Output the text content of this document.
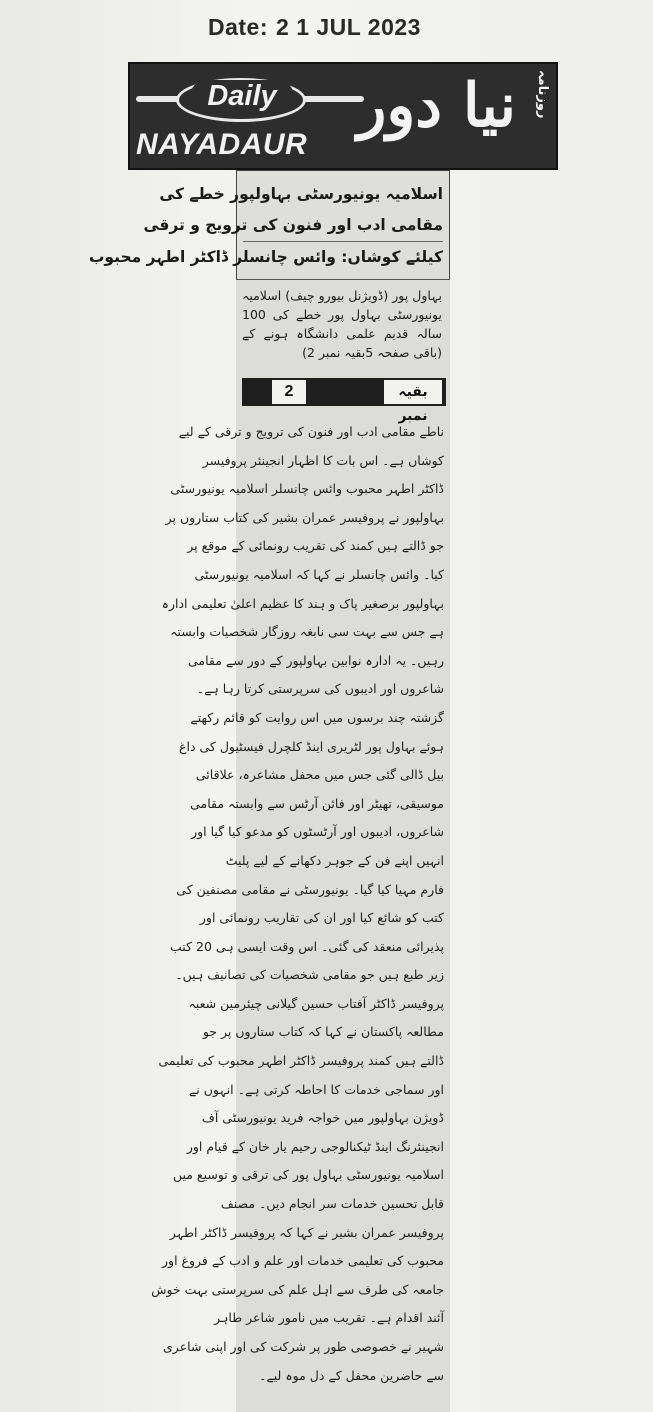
Date: 2 1 JUL 2023
Daily
NAYADAUR
نیا دور	روزنامہ
اسلامیہ یونیورسٹی بہاولپور خطے کی
مقامی ادب اور فنون کی ترویج و ترقی
کیلئے کوشاں: وائس چانسلر ڈاکٹر اطہر محبوب
بہاول پور (ڈویژنل بیورو چیف) اسلامیہ یونیورسٹی بہاول پور خطے کی 100 سالہ قدیم علمی دانشگاہ ہونے کے (باقی صفحہ 5بقیہ نمبر 2)
بقیہ نمبر
2
ناطے مقامی ادب اور فنون کی ترویج و ترقی کے لیے
کوشاں ہے۔ اس بات کا اظہار انجینئر پروفیسر
ڈاکٹر اطہر محبوب وائس چانسلر اسلامیہ یونیورسٹی
بہاولپور نے پروفیسر عمران بشیر کی کتاب ستاروں پر
جو ڈالتے ہیں کمند کی تقریب رونمائی کے موقع پر
کیا۔ وائس چانسلر نے کہا کہ اسلامیہ یونیورسٹی
بہاولپور برصغیر پاک و ہند کا عظیم اعلیٰ تعلیمی ادارہ
ہے جس سے بہت سی نابغہ روزگار شخصیات وابستہ
رہیں۔ یہ ادارہ نوابین بہاولپور کے دور سے مقامی
شاعروں اور ادیبوں کی سرپرستی کرتا رہا ہے۔
گزشتہ چند برسوں میں اس روایت کو قائم رکھتے
ہوئے بہاول پور لٹریری اینڈ کلچرل فیسٹیول کی داغ
بیل ڈالی گئی جس میں محفل مشاعرہ، علاقائی
موسیقی، تھیٹر اور فائن آرٹس سے وابستہ مقامی
شاعروں، ادیبوں اور آرٹسٹوں کو مدعو کیا گیا اور
انہیں اپنے فن کے جوہر دکھانے کے لیے پلیٹ
فارم مہیا کیا گیا۔ یونیورسٹی نے مقامی مصنفین کی
کتب کو شائع کیا اور ان کی تقاریب رونمائی اور
پذیرائی منعقد کی گئی۔ اس وقت ایسی ہی 20 کتب
زیر طبع ہیں جو مقامی شخصیات کی تصانیف ہیں۔
پروفیسر ڈاکٹر آفتاب حسین گیلانی چیئرمین شعبہ
مطالعہ پاکستان نے کہا کہ کتاب ستاروں پر جو
ڈالتے ہیں کمند پروفیسر ڈاکٹر اطہر محبوب کی تعلیمی
اور سماجی خدمات کا احاطہ کرتی ہے۔ انہوں نے
ڈویژن بہاولپور میں خواجہ فرید یونیورسٹی آف
انجینئرنگ اینڈ ٹیکنالوجی رحیم یار خان کے قیام اور
اسلامیہ یونیورسٹی بہاول پور کی ترقی و توسیع میں
قابل تحسین خدمات سر انجام دیں۔ مصنف
پروفیسر عمران بشیر نے کہا کہ پروفیسر ڈاکٹر اطہر
محبوب کی تعلیمی خدمات اور علم و ادب کے فروغ اور
جامعہ کی طرف سے اہل علم کی سرپرستی بہت خوش
آئند اقدام ہے۔ تقریب میں نامور شاعر طاہر
شہیر نے خصوصی طور پر شرکت کی اور اپنی شاعری
سے حاضرین محفل کے دل موہ لیے۔
